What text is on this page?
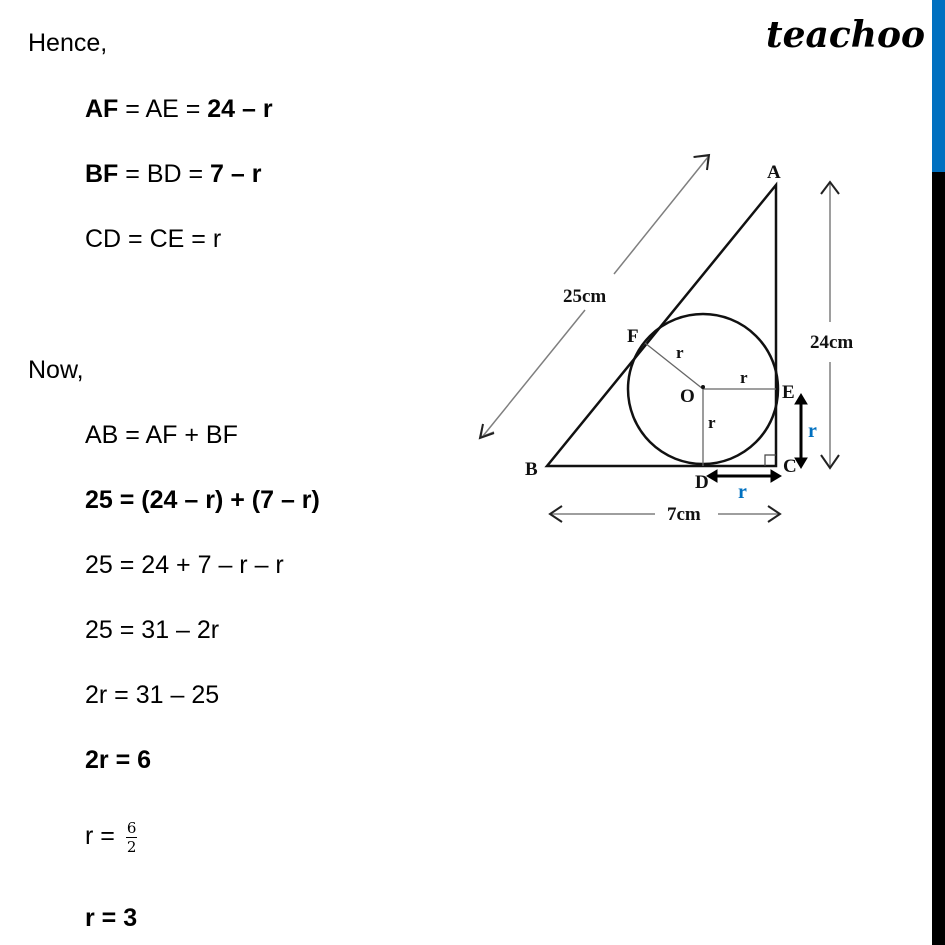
teachoo
Hence,
AF = AE = 24 – r
BF = BD = 7 – r
CD = CE = r
Now,
AB = AF + BF
25 = (24 – r) + (7 – r)
25 = 24 + 7 – r – r
25 = 31 – 2r
2r = 31 – 25
2r = 6
$r = \frac{6}{2}$
r = 3
A
B	C
D
E
F
O
r
r
r	r
r
25cm
24cm
7cm
